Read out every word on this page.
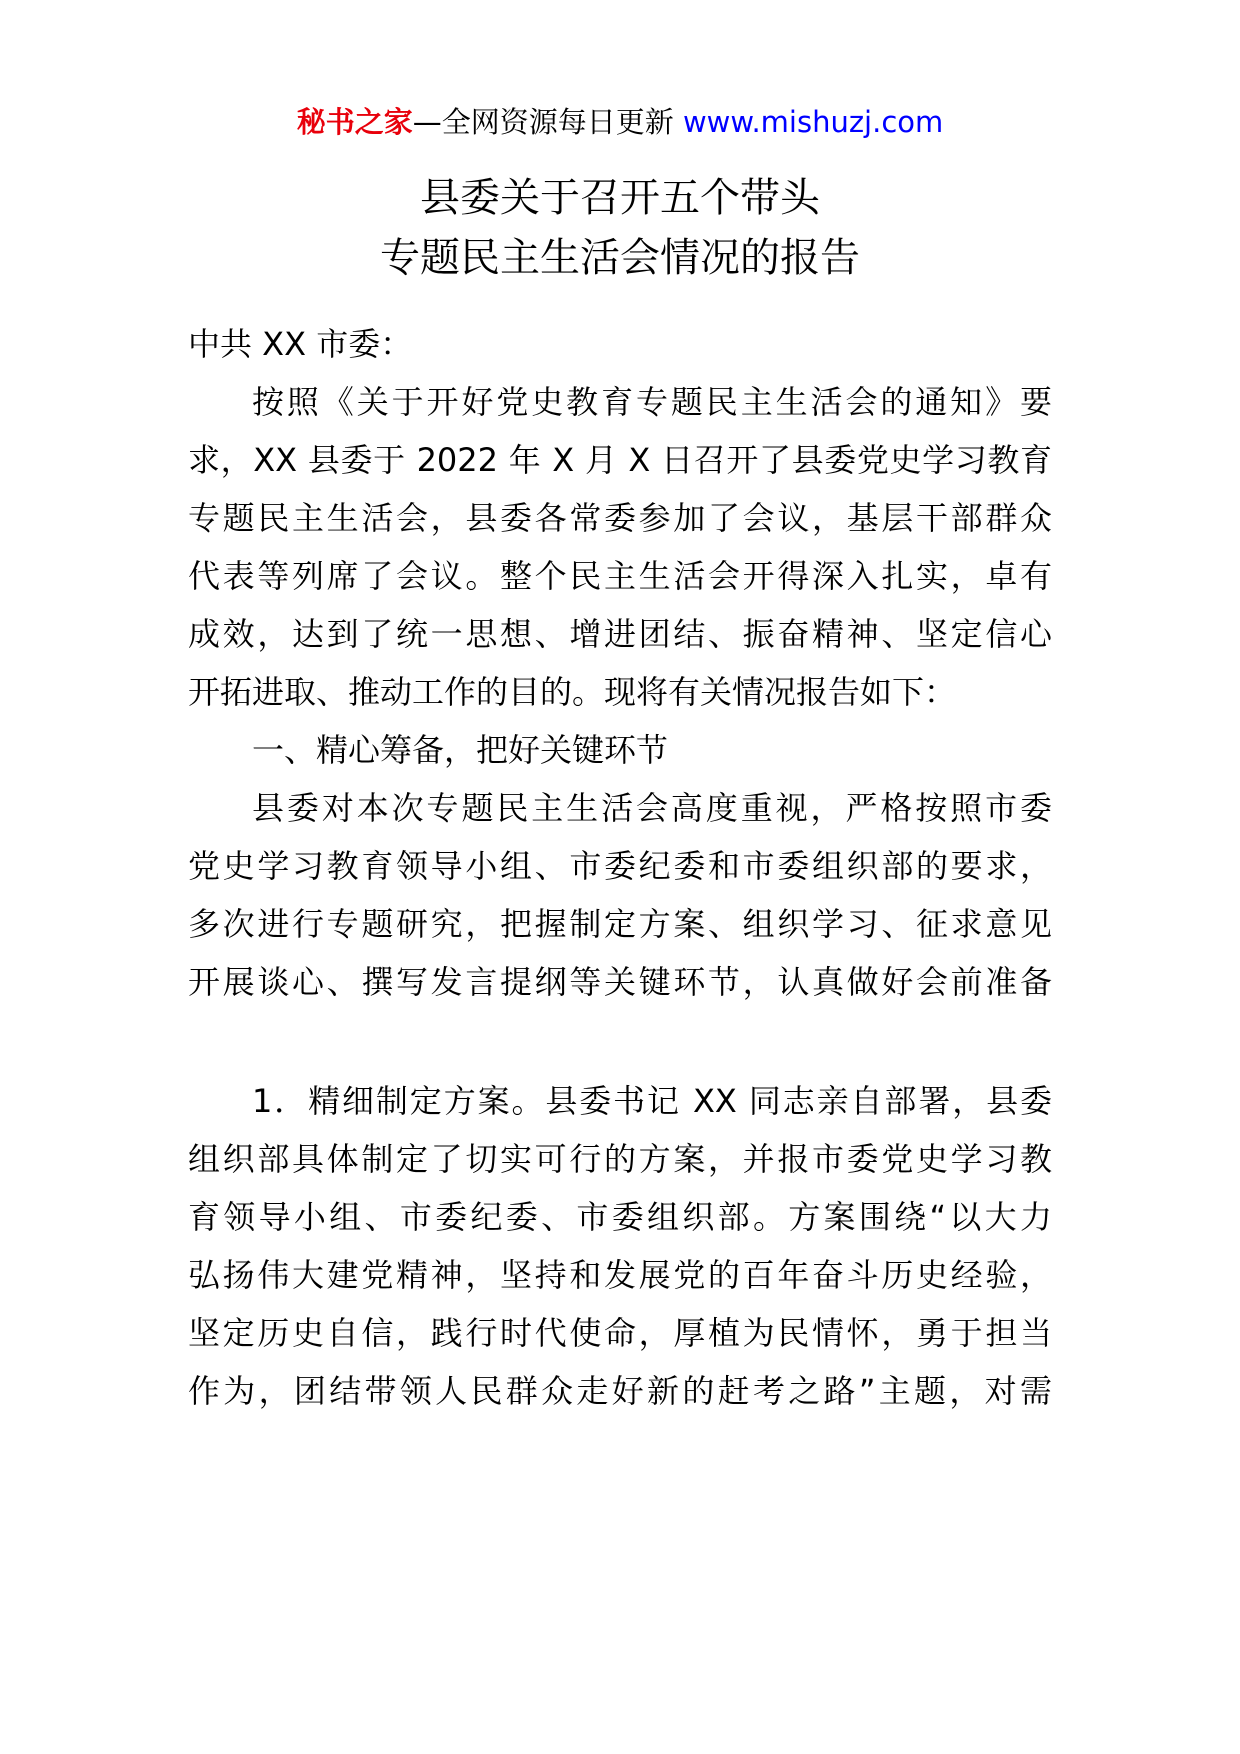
秘书之家—全网资源每日更新 www.mishuzj.com
县委关于召开五个带头
专题民主生活会情况的报告
中共 XX 市委：
按照《关于开好党史教育专题民主生活会的通知》要
求，XX 县委于 2022 年 X 月 X 日召开了县委党史学习教育
专题民主生活会，县委各常委参加了会议，基层干部群众
代表等列席了会议。整个民主生活会开得深入扎实，卓有
成效，达到了统一思想、增进团结、振奋精神、坚定信心
开拓进取、推动工作的目的。现将有关情况报告如下：
一、精心筹备，把好关键环节
县委对本次专题民主生活会高度重视，严格按照市委
党史学习教育领导小组、市委纪委和市委组织部的要求，
多次进行专题研究，把握制定方案、组织学习、征求意见
开展谈心、撰写发言提纲等关键环节，认真做好会前准备
1．精细制定方案。县委书记 XX 同志亲自部署，县委
组织部具体制定了切实可行的方案，并报市委党史学习教
育领导小组、市委纪委、市委组织部。方案围绕“以大力
弘扬伟大建党精神，坚持和发展党的百年奋斗历史经验，
坚定历史自信，践行时代使命，厚植为民情怀，勇于担当
作为，团结带领人民群众走好新的赶考之路”主题，对需
